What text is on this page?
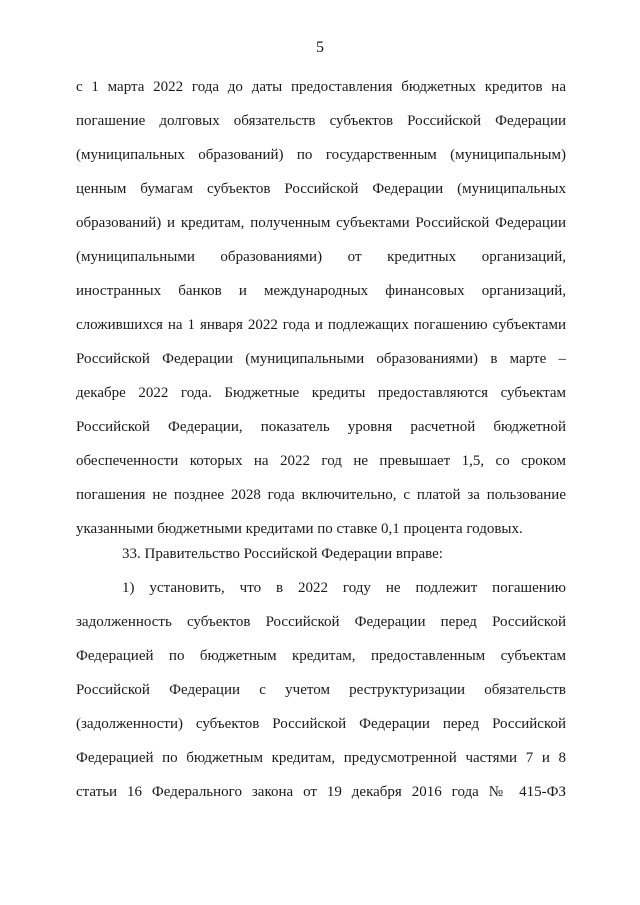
5
с 1 марта 2022 года до даты предоставления бюджетных кредитов на
погашение долговых обязательств субъектов Российской Федерации
(муниципальных образований) по государственным (муниципальным)
ценным бумагам субъектов Российской Федерации (муниципальных
образований) и кредитам, полученным субъектами Российской Федерации
(муниципальными образованиями) от кредитных организаций,
иностранных банков и международных финансовых организаций,
сложившихся на 1 января 2022 года и подлежащих погашению субъектами
Российской Федерации (муниципальными образованиями) в марте –
декабре 2022 года. Бюджетные кредиты предоставляются субъектам
Российской Федерации, показатель уровня расчетной бюджетной
обеспеченности которых на 2022 год не превышает 1,5, со сроком
погашения не позднее 2028 года включительно, с платой за пользование
указанными бюджетными кредитами по ставке 0,1 процента годовых.
33. Правительство Российской Федерации вправе:
1) установить, что в 2022 году не подлежит погашению
задолженность субъектов Российской Федерации перед Российской
Федерацией по бюджетным кредитам, предоставленным субъектам
Российской Федерации с учетом реструктуризации обязательств
(задолженности) субъектов Российской Федерации перед Российской
Федерацией по бюджетным кредитам, предусмотренной частями 7 и 8
статьи 16 Федерального закона от 19 декабря 2016 года № 415-ФЗ
